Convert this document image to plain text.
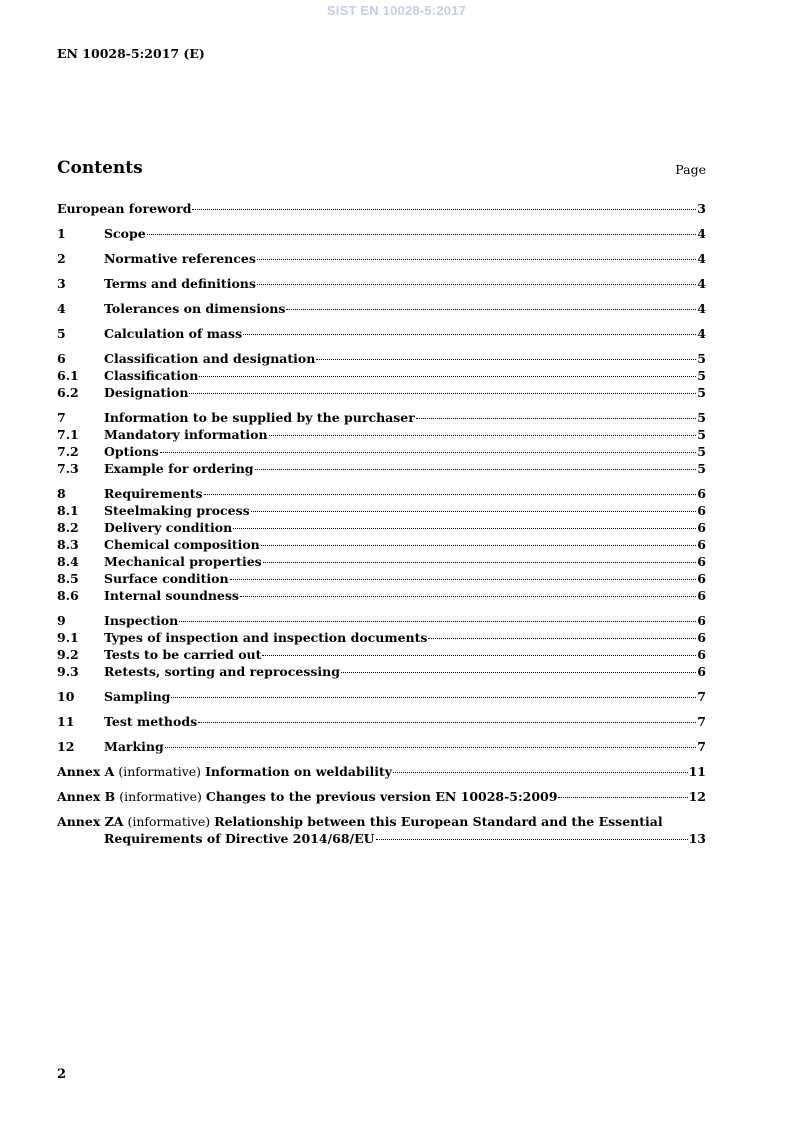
SIST EN 10028-5:2017
EN 10028-5:2017 (E)
Contents	Page
European foreword	3
1	Scope	4
2	Normative references	4
3	Terms and definitions	4
4	Tolerances on dimensions	4
5	Calculation of mass	4
6	Classification and designation	5
6.1	Classification	5
6.2	Designation	5
7	Information to be supplied by the purchaser	5
7.1	Mandatory information	5
7.2	Options	5
7.3	Example for ordering	5
8	Requirements	6
8.1	Steelmaking process	6
8.2	Delivery condition	6
8.3	Chemical composition	6
8.4	Mechanical properties	6
8.5	Surface condition	6
8.6	Internal soundness	6
9	Inspection	6
9.1	Types of inspection and inspection documents	6
9.2	Tests to be carried out	6
9.3	Retests, sorting and reprocessing	6
10	Sampling	7
11	Test methods	7
12	Marking	7
Annex A (informative) Information on weldability	11
Annex B (informative) Changes to the previous version EN 10028-5:2009	12
Annex ZA (informative) Relationship between this European Standard and the Essential
Requirements of Directive 2014/68/EU	13
2
